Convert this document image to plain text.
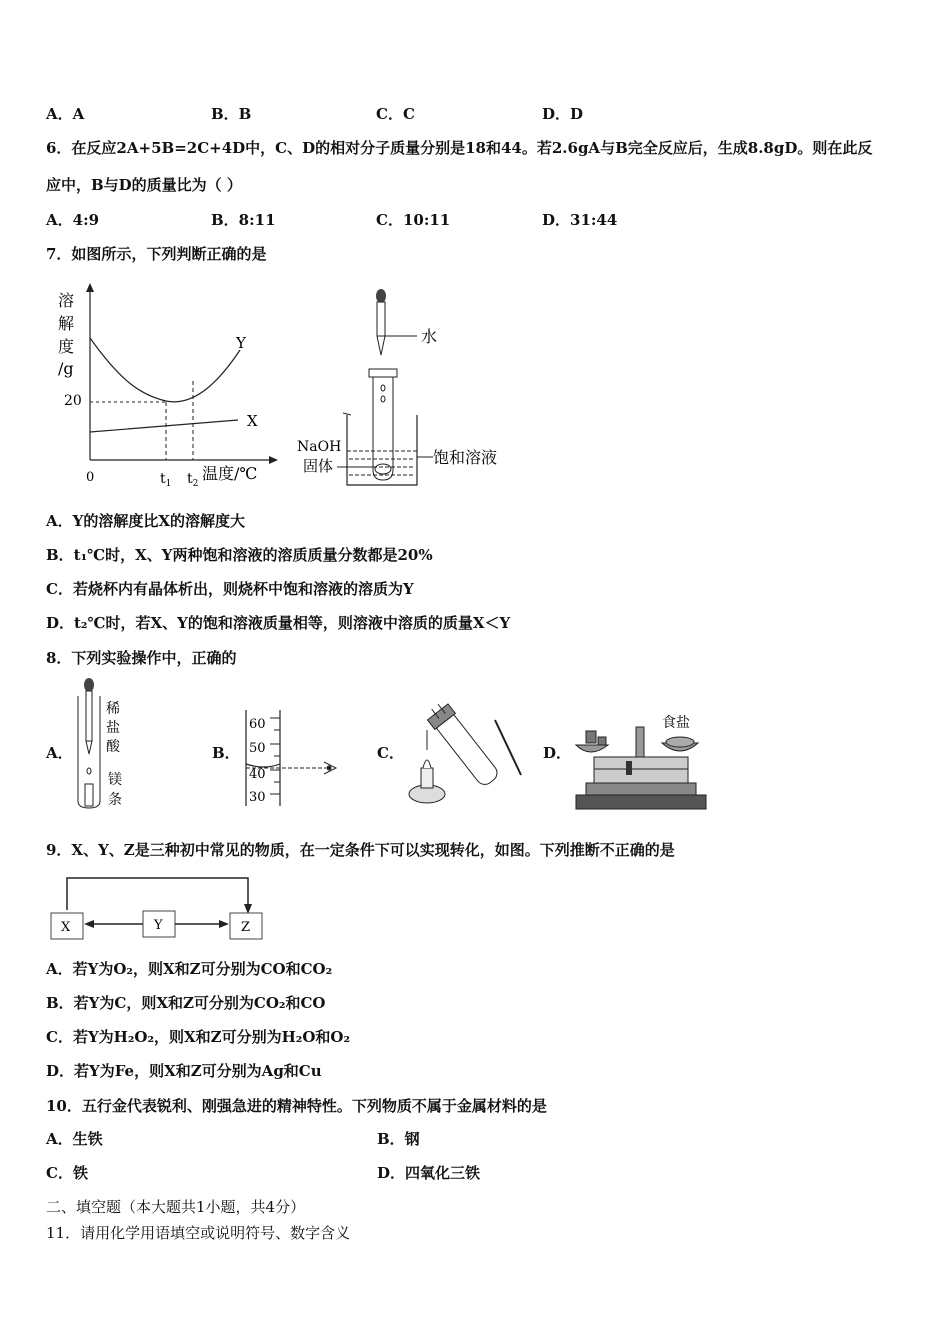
A．A	B．B	C．C	D．D
6．在反应2A+5B=2C+4D中，C、D的相对分子质量分别是18和44。若2.6gA与B完全反应后，生成8.8gD。则在此反
应中，B与D的质量比为（ ）
A．4:9	B．8:11	C．10:11	D．31:44
7．如图所示，下列判断正确的是
溶
解
度
/g
20
0
Y
X
$t_1$ $t_2$
温度/℃
水
NaOH
固体	饱和溶液
A．Y的溶解度比X的溶解度大
B．t₁℃时，X、Y两种饱和溶液的溶质质量分数都是20%
C．若烧杯内有晶体析出，则烧杯中饱和溶液的溶质为Y
D．t₂℃时，若X、Y的饱和溶液质量相等，则溶液中溶质的质量X＜Y
8．下列实验操作中，正确的
A．	B．	C．	D．
稀
盐
酸
镁
条
60
50
40
30
食盐
9．X、Y、Z是三种初中常见的物质，在一定条件下可以实现转化，如图。下列推断不正确的是
X	Y	Z
A．若Y为O₂，则X和Z可分别为CO和CO₂
B．若Y为C，则X和Z可分别为CO₂和CO
C．若Y为H₂O₂，则X和Z可分别为H₂O和O₂
D．若Y为Fe，则X和Z可分别为Ag和Cu
10．五行金代表锐利、刚强急进的精神特性。下列物质不属于金属材料的是
A．生铁	B．钢
C．铁	D．四氧化三铁
二、填空题（本大题共1小题，共4分）
11．请用化学用语填空或说明符号、数字含义
